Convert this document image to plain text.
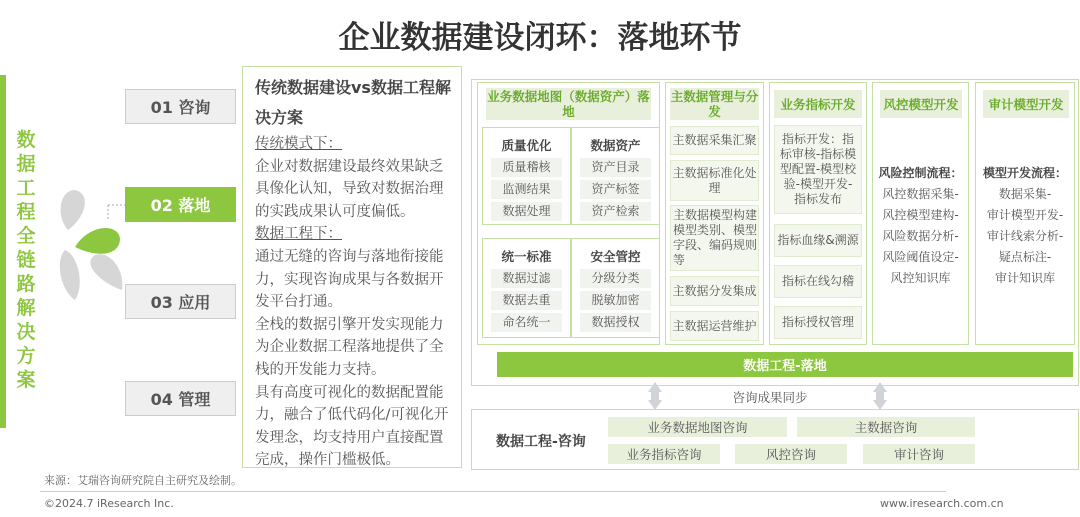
企业数据建设闭环：落地环节
数据工程全链路解决方案
01 咨询
02 落地
03 应用
04 管理
传统数据建设vs数据工程解决方案
传统模式下：
企业对数据建设最终效果缺乏具像化认知，导致对数据治理的实践成果认可度偏低。
数据工程下：
通过无缝的咨询与落地衔接能力，实现咨询成果与各数据开发平台打通。
全栈的数据引擎开发实现能力为企业数据工程落地提供了全栈的开发能力支持。
具有高度可视化的数据配置能力，融合了低代码化/可视化开发理念，均支持用户直接配置完成，操作门槛极低。
业务数据地图（数据资产）落地
质量优化
质量稽核
监测结果
数据处理
数据资产
资产目录
资产标签
资产检索
统一标准
数据过滤
数据去重
命名统一
安全管控
分级分类
脱敏加密
数据授权
主数据管理与分发
主数据采集汇聚
主数据标准化处理
主数据模型构建模型类别、模型字段、编码规则等
主数据分发集成
主数据运营维护
业务指标开发
指标开发：指标审核-指标模型配置-模型校验-模型开发-指标发布
指标血缘&溯源
指标在线勾稽
指标授权管理
风控模型开发
风险控制流程：
风控数据采集-
风控模型建构-
风险数据分析-
风险阈值设定-
风控知识库
审计模型开发
模型开发流程：
数据采集-
审计模型开发-
审计线索分析-
疑点标注-
审计知识库
数据工程-落地
咨询成果同步
数据工程-咨询
业务数据地图咨询	主数据咨询
业务指标咨询	风控咨询	审计咨询
来源：艾瑞咨询研究院自主研究及绘制。
©2024.7 iResearch Inc.	www.iresearch.com.cn
